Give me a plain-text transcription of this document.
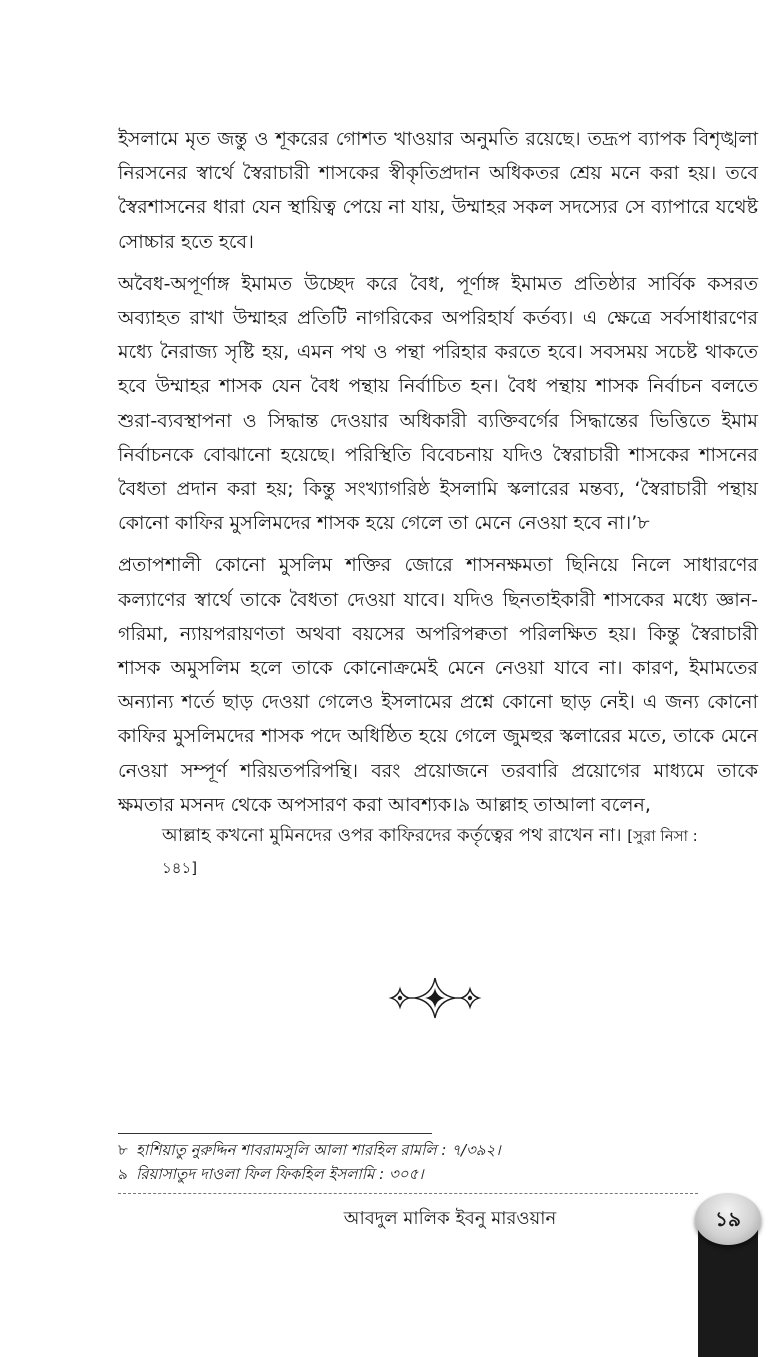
ইসলামে মৃত জন্তু ও শূকরের গোশত খাওয়ার অনুমতি রয়েছে। তদ্রূপ ব্যাপক বিশৃঙ্খলা নিরসনের স্বার্থে স্বৈরাচারী শাসকের স্বীকৃতিপ্রদান অধিকতর শ্রেয় মনে করা হয়। তবে স্বৈরশাসনের ধারা যেন স্থায়িত্ব পেয়ে না যায়, উম্মাহর সকল সদস্যের সে ব্যাপারে যথেষ্ট সোচ্চার হতে হবে।

অবৈধ-অপূর্ণাঙ্গ ইমামত উচ্ছেদ করে বৈধ, পূর্ণাঙ্গ ইমামত প্রতিষ্ঠার সার্বিক কসরত অব্যাহত রাখা উম্মাহর প্রতিটি নাগরিকের অপরিহার্য কর্তব্য। এ ক্ষেত্রে সর্বসাধারণের মধ্যে নৈরাজ্য সৃষ্টি হয়, এমন পথ ও পন্থা পরিহার করতে হবে। সবসময় সচেষ্ট থাকতে হবে উম্মাহর শাসক যেন বৈধ পন্থায় নির্বাচিত হন। বৈধ পন্থায় শাসক নির্বাচন বলতে শুরা-ব্যবস্থাপনা ও সিদ্ধান্ত দেওয়ার অধিকারী ব্যক্তিবর্গের সিদ্ধান্তের ভিত্তিতে ইমাম নির্বাচনকে বোঝানো হয়েছে। পরিস্থিতি বিবেচনায় যদিও স্বৈরাচারী শাসকের শাসনের বৈধতা প্রদান করা হয়; কিন্তু সংখ্যাগরিষ্ঠ ইসলামি স্কলারের মন্তব্য, ‘স্বৈরাচারী পন্থায় কোনো কাফির মুসলিমদের শাসক হয়ে গেলে তা মেনে নেওয়া হবে না।’৮

প্রতাপশালী কোনো মুসলিম শক্তির জোরে শাসনক্ষমতা ছিনিয়ে নিলে সাধারণের কল্যাণের স্বার্থে তাকে বৈধতা দেওয়া যাবে। যদিও ছিনতাইকারী শাসকের মধ্যে জ্ঞান-গরিমা, ন্যায়পরায়ণতা অথবা বয়সের অপরিপক্বতা পরিলক্ষিত হয়। কিন্তু স্বৈরাচারী শাসক অমুসলিম হলে তাকে কোনোক্রমেই মেনে নেওয়া যাবে না। কারণ, ইমামতের অন্যান্য শর্তে ছাড় দেওয়া গেলেও ইসলামের প্রশ্নে কোনো ছাড় নেই। এ জন্য কোনো কাফির মুসলিমদের শাসক পদে অধিষ্ঠিত হয়ে গেলে জুমহুর স্কলারের মতে, তাকে মেনে নেওয়া সম্পূর্ণ শরিয়তপরিপন্থি। বরং প্রয়োজনে তরবারি প্রয়োগের মাধ্যমে তাকে ক্ষমতার মসনদ থেকে অপসারণ করা আবশ্যক।৯ আল্লাহ তাআলা বলেন,

আল্লাহ কখনো মুমিনদের ওপর কাফিরদের কর্তৃত্বের পথ রাখেন না। [সুরা নিসা : ১৪১]
৮ হাশিয়াতু নুরুদ্দিন শাবরামসুলি আলা শারহিল রামলি : ৭/৩৯২।
৯ রিয়াসাতুদ দাওলা ফিল ফিকহিল ইসলামি : ৩০৫।
আবদুল মালিক ইবনু মারওয়ান	১৯
